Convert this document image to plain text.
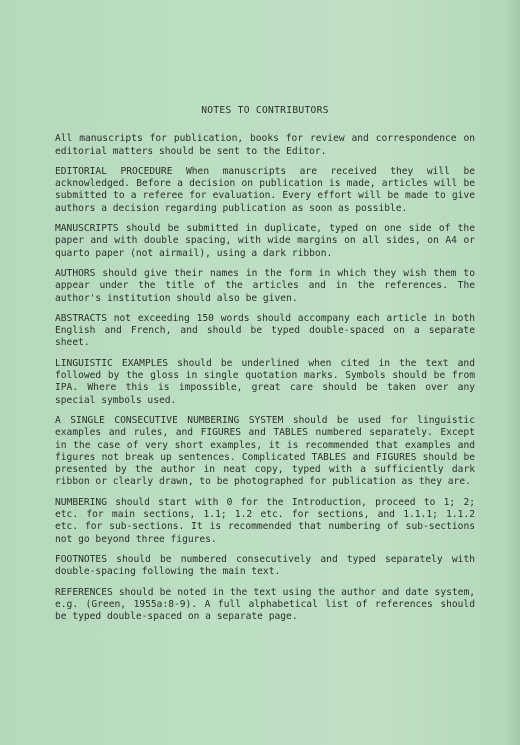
NOTES TO CONTRIBUTORS

All manuscripts for publication, books for review and correspondence on editorial matters should be sent to the Editor.

EDITORIAL PROCEDURE When manuscripts are received they will be acknowledged. Before a decision on publication is made, articles will be submitted to a referee for evaluation. Every effort will be made to give authors a decision regarding publication as soon as possible.

MANUSCRIPTS should be submitted in duplicate, typed on one side of the paper and with double spacing, with wide margins on all sides, on A4 or quarto paper (not airmail), using a dark ribbon.

AUTHORS should give their names in the form in which they wish them to appear under the title of the articles and in the references. The author's institution should also be given.

ABSTRACTS not exceeding 150 words should accompany each article in both English and French, and should be typed double-spaced on a separate sheet.

LINGUISTIC EXAMPLES should be underlined when cited in the text and followed by the gloss in single quotation marks. Symbols should be from IPA. Where this is impossible, great care should be taken over any special symbols used.

A SINGLE CONSECUTIVE NUMBERING SYSTEM should be used for linguistic examples and rules, and FIGURES and TABLES numbered separately. Except in the case of very short examples, it is recommended that examples and figures not break up sentences. Complicated TABLES and FIGURES should be presented by the author in neat copy, typed with a sufficiently dark ribbon or clearly drawn, to be photographed for publication as they are.

NUMBERING should start with 0 for the Introduction, proceed to 1; 2; etc. for main sections, 1.1; 1.2 etc. for sections, and 1.1.1; 1.1.2 etc. for sub-sections. It is recommended that numbering of sub-sections not go beyond three figures.

FOOTNOTES should be numbered consecutively and typed separately with double-spacing following the main text.

REFERENCES should be noted in the text using the author and date system, e.g. (Green, 1955a:8-9). A full alphabetical list of references should be typed double-spaced on a separate page.
